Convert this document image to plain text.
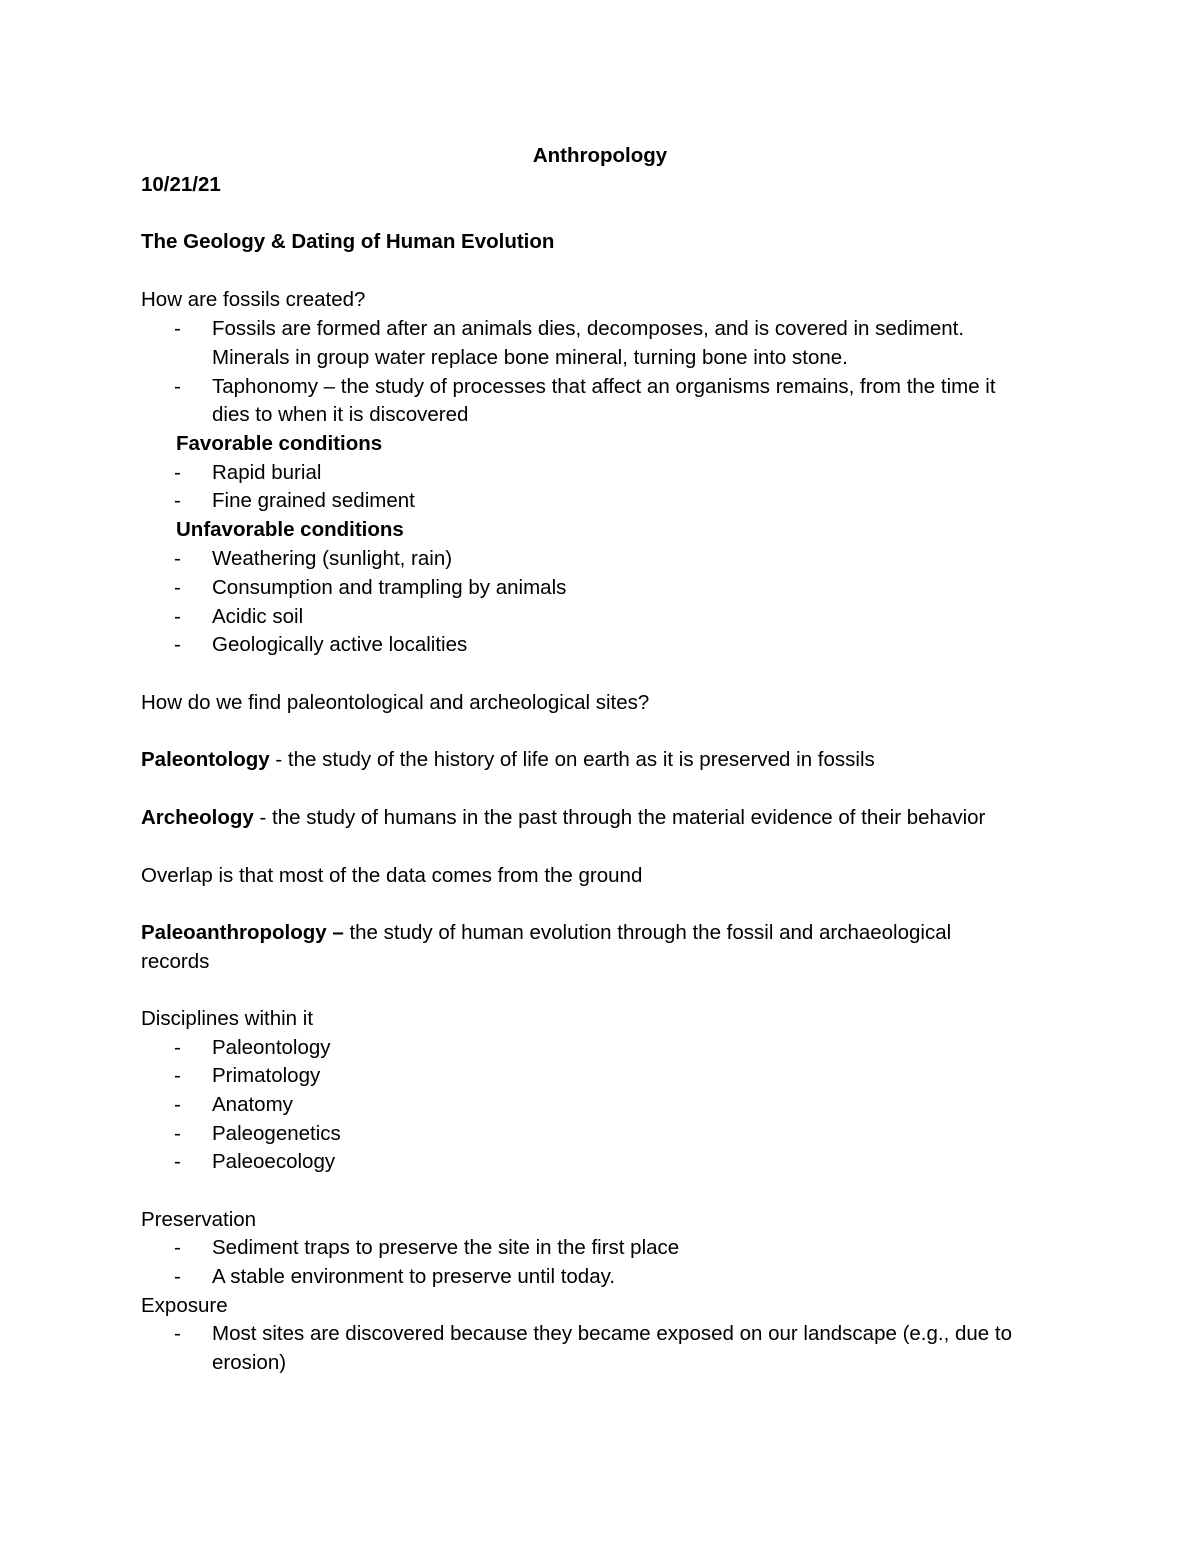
Anthropology
10/21/21
The Geology & Dating of Human Evolution
How are fossils created?
- Fossils are formed after an animals dies, decomposes, and is covered in sediment.
Minerals in group water replace bone mineral, turning bone into stone.
- Taphonomy – the study of processes that affect an organisms remains, from the time it
dies to when it is discovered
Favorable conditions
- Rapid burial
- Fine grained sediment
Unfavorable conditions
- Weathering (sunlight, rain)
- Consumption and trampling by animals
- Acidic soil
- Geologically active localities
How do we find paleontological and archeological sites?
Paleontology - the study of the history of life on earth as it is preserved in fossils
Archeology - the study of humans in the past through the material evidence of their behavior
Overlap is that most of the data comes from the ground
Paleoanthropology – the study of human evolution through the fossil and archaeological
records
Disciplines within it
- Paleontology
- Primatology
- Anatomy
- Paleogenetics
- Paleoecology
Preservation
- Sediment traps to preserve the site in the first place
- A stable environment to preserve until today.
Exposure
- Most sites are discovered because they became exposed on our landscape (e.g., due to
erosion)
